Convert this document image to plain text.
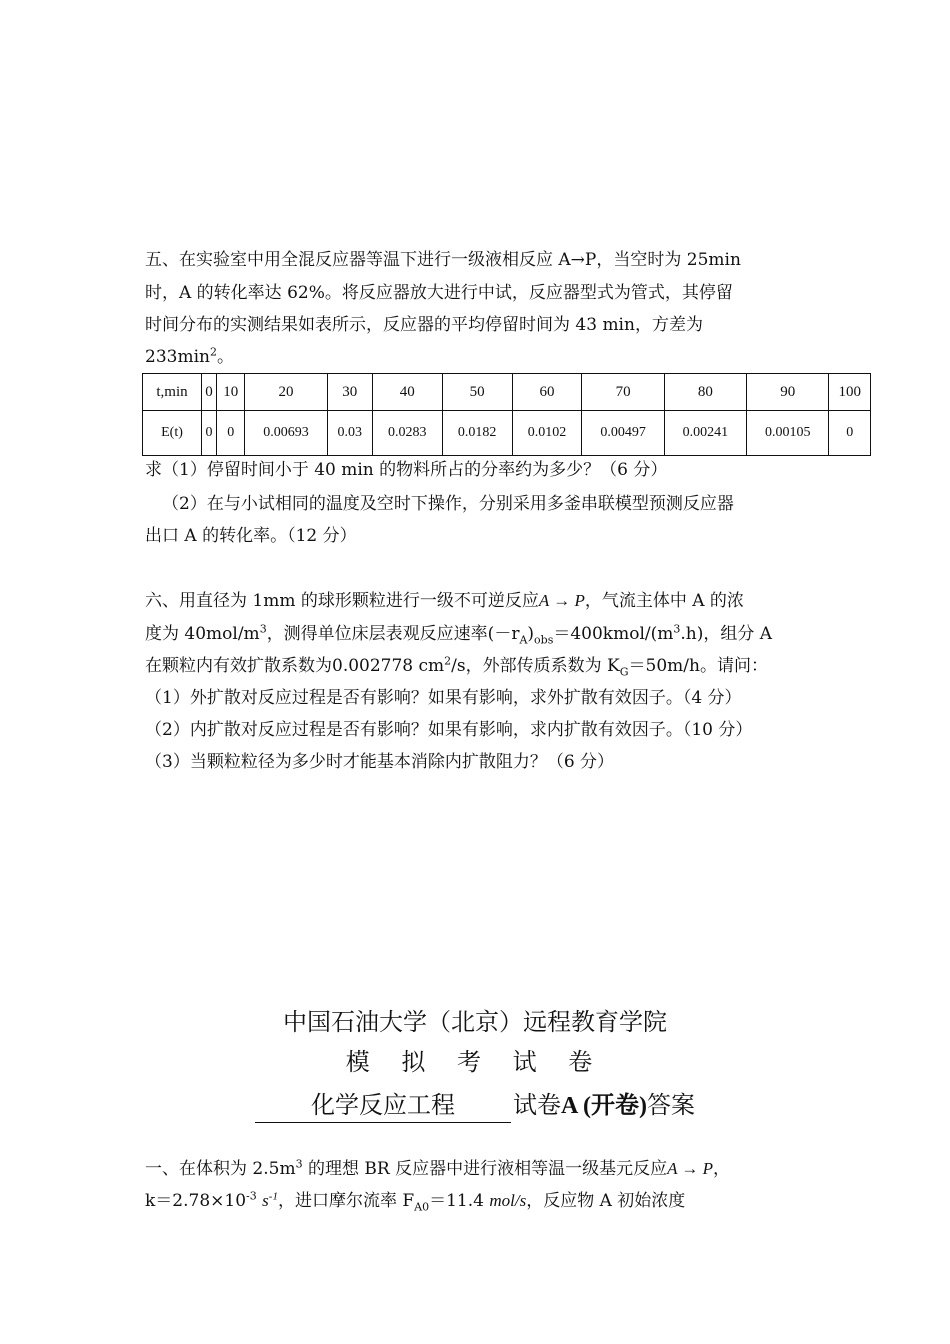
五、在实验室中用全混反应器等温下进行一级液相反应 A→P，当空时为 25min
时，A 的转化率达 62%。将反应器放大进行中试，反应器型式为管式，其停留
时间分布的实测结果如表所示，反应器的平均停留时间为 43 min，方差为
$233\min^2$。
t,min	0	10	20	30	40	50	60	70	80	90	100
E(t)	0	0	0.00693	0.03	0.0283	0.0182	0.0102	0.00497	0.00241	0.00105	0
求（1）停留时间小于 40 min 的物料所占的分率约为多少？（6 分）
（2）在与小试相同的温度及空时下操作，分别采用多釜串联模型预测反应器
出口 A 的转化率。（12 分）
六、用直径为 1mm 的球形颗粒进行一级不可逆反应A → P，气流主体中 A 的浓
度为 $40mol/m^3$，测得单位床层表观反应速率$(-r_A)_{obs}=400kmol/(m^3.h)$，组分 A
在颗粒内有效扩散系数为0.002778 $cm^2/s$，外部传质系数为 $K_G=50m/h$。请问：
（1）外扩散对反应过程是否有影响？如果有影响，求外扩散有效因子。（4 分）
（2）内扩散对反应过程是否有影响？如果有影响，求内扩散有效因子。（10 分）
（3）当颗粒粒径为多少时才能基本消除内扩散阻力？（6 分）
中国石油大学（北京）远程教育学院
模 拟 考 试 卷
化学反应工程 试卷A (开卷)答案
一、在体积为 $2.5m^3$ 的理想 BR 反应器中进行液相等温一级基元反应A → P，
$k=2.78\times 10^{-3}$ $s^{-1}$，进口摩尔流率 $F_{A0}=11.4$ mol/s，反应物 A 初始浓度
